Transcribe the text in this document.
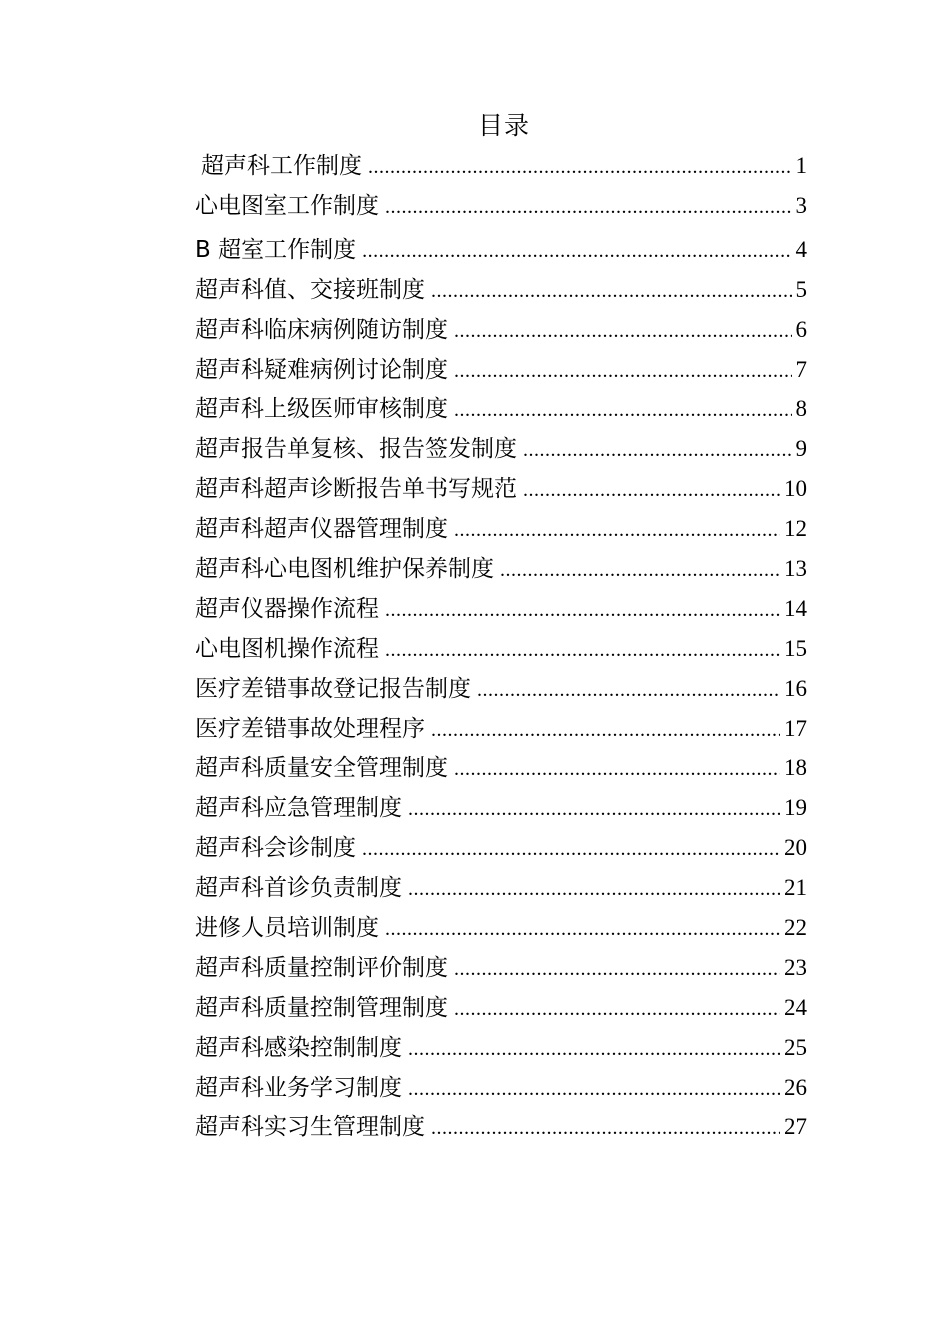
目录
超声科工作制度 .....	1
心电图室工作制度 .....	3
B 超室工作制度 .....	4
超声科值、交接班制度 .....	5
超声科临床病例随访制度 .....	6
超声科疑难病例讨论制度 .....	7
超声科上级医师审核制度 .....	8
超声报告单复核、报告签发制度 .....	9
超声科超声诊断报告单书写规范 .....	10
超声科超声仪器管理制度 .....	12
超声科心电图机维护保养制度 .....	13
超声仪器操作流程 .....	14
心电图机操作流程 .....	15
医疗差错事故登记报告制度 .....	16
医疗差错事故处理程序 .....	17
超声科质量安全管理制度 .....	18
超声科应急管理制度 .....	19
超声科会诊制度 .....	20
超声科首诊负责制度 .....	21
进修人员培训制度 .....	22
超声科质量控制评价制度 .....	23
超声科质量控制管理制度 .....	24
超声科感染控制制度 .....	25
超声科业务学习制度 .....	26
超声科实习生管理制度 .....	27
